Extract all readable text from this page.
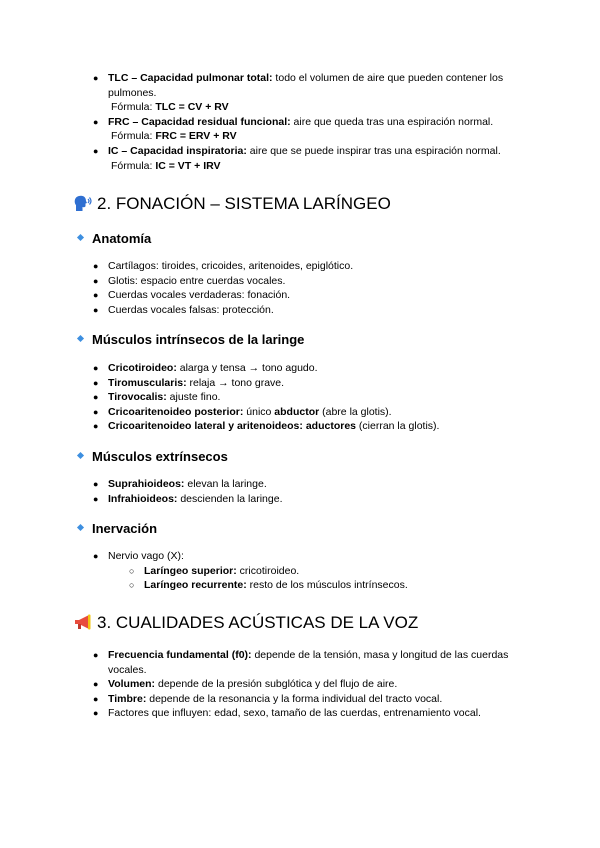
● TLC – Capacidad pulmonar total: todo el volumen de aire que pueden contener los pulmones.
Fórmula: TLC = CV + RV
● FRC – Capacidad residual funcional: aire que queda tras una espiración normal.
Fórmula: FRC = ERV + RV
● IC – Capacidad inspiratoria: aire que se puede inspirar tras una espiración normal.
Fórmula: IC = VT + IRV
2. FONACIÓN – SISTEMA LARÍNGEO
Anatomía
● Cartílagos: tiroides, cricoides, aritenoides, epiglótico.
● Glotis: espacio entre cuerdas vocales.
● Cuerdas vocales verdaderas: fonación.
● Cuerdas vocales falsas: protección.
Músculos intrínsecos de la laringe
● Cricotiroideo: alarga y tensa → tono agudo.
● Tiromuscularis: relaja → tono grave.
● Tirovocalis: ajuste fino.
● Cricoaritenoideo posterior: único abductor (abre la glotis).
● Cricoaritenoideo lateral y aritenoideos: aductores (cierran la glotis).
Músculos extrínsecos
● Suprahioideos: elevan la laringe.
● Infrahioideos: descienden la laringe.
Inervación
● Nervio vago (X):
○ Laríngeo superior: cricotiroideo.
○ Laríngeo recurrente: resto de los músculos intrínsecos.
3. CUALIDADES ACÚSTICAS DE LA VOZ
● Frecuencia fundamental (f0): depende de la tensión, masa y longitud de las cuerdas vocales.
● Volumen: depende de la presión subglótica y del flujo de aire.
● Timbre: depende de la resonancia y la forma individual del tracto vocal.
● Factores que influyen: edad, sexo, tamaño de las cuerdas, entrenamiento vocal.
